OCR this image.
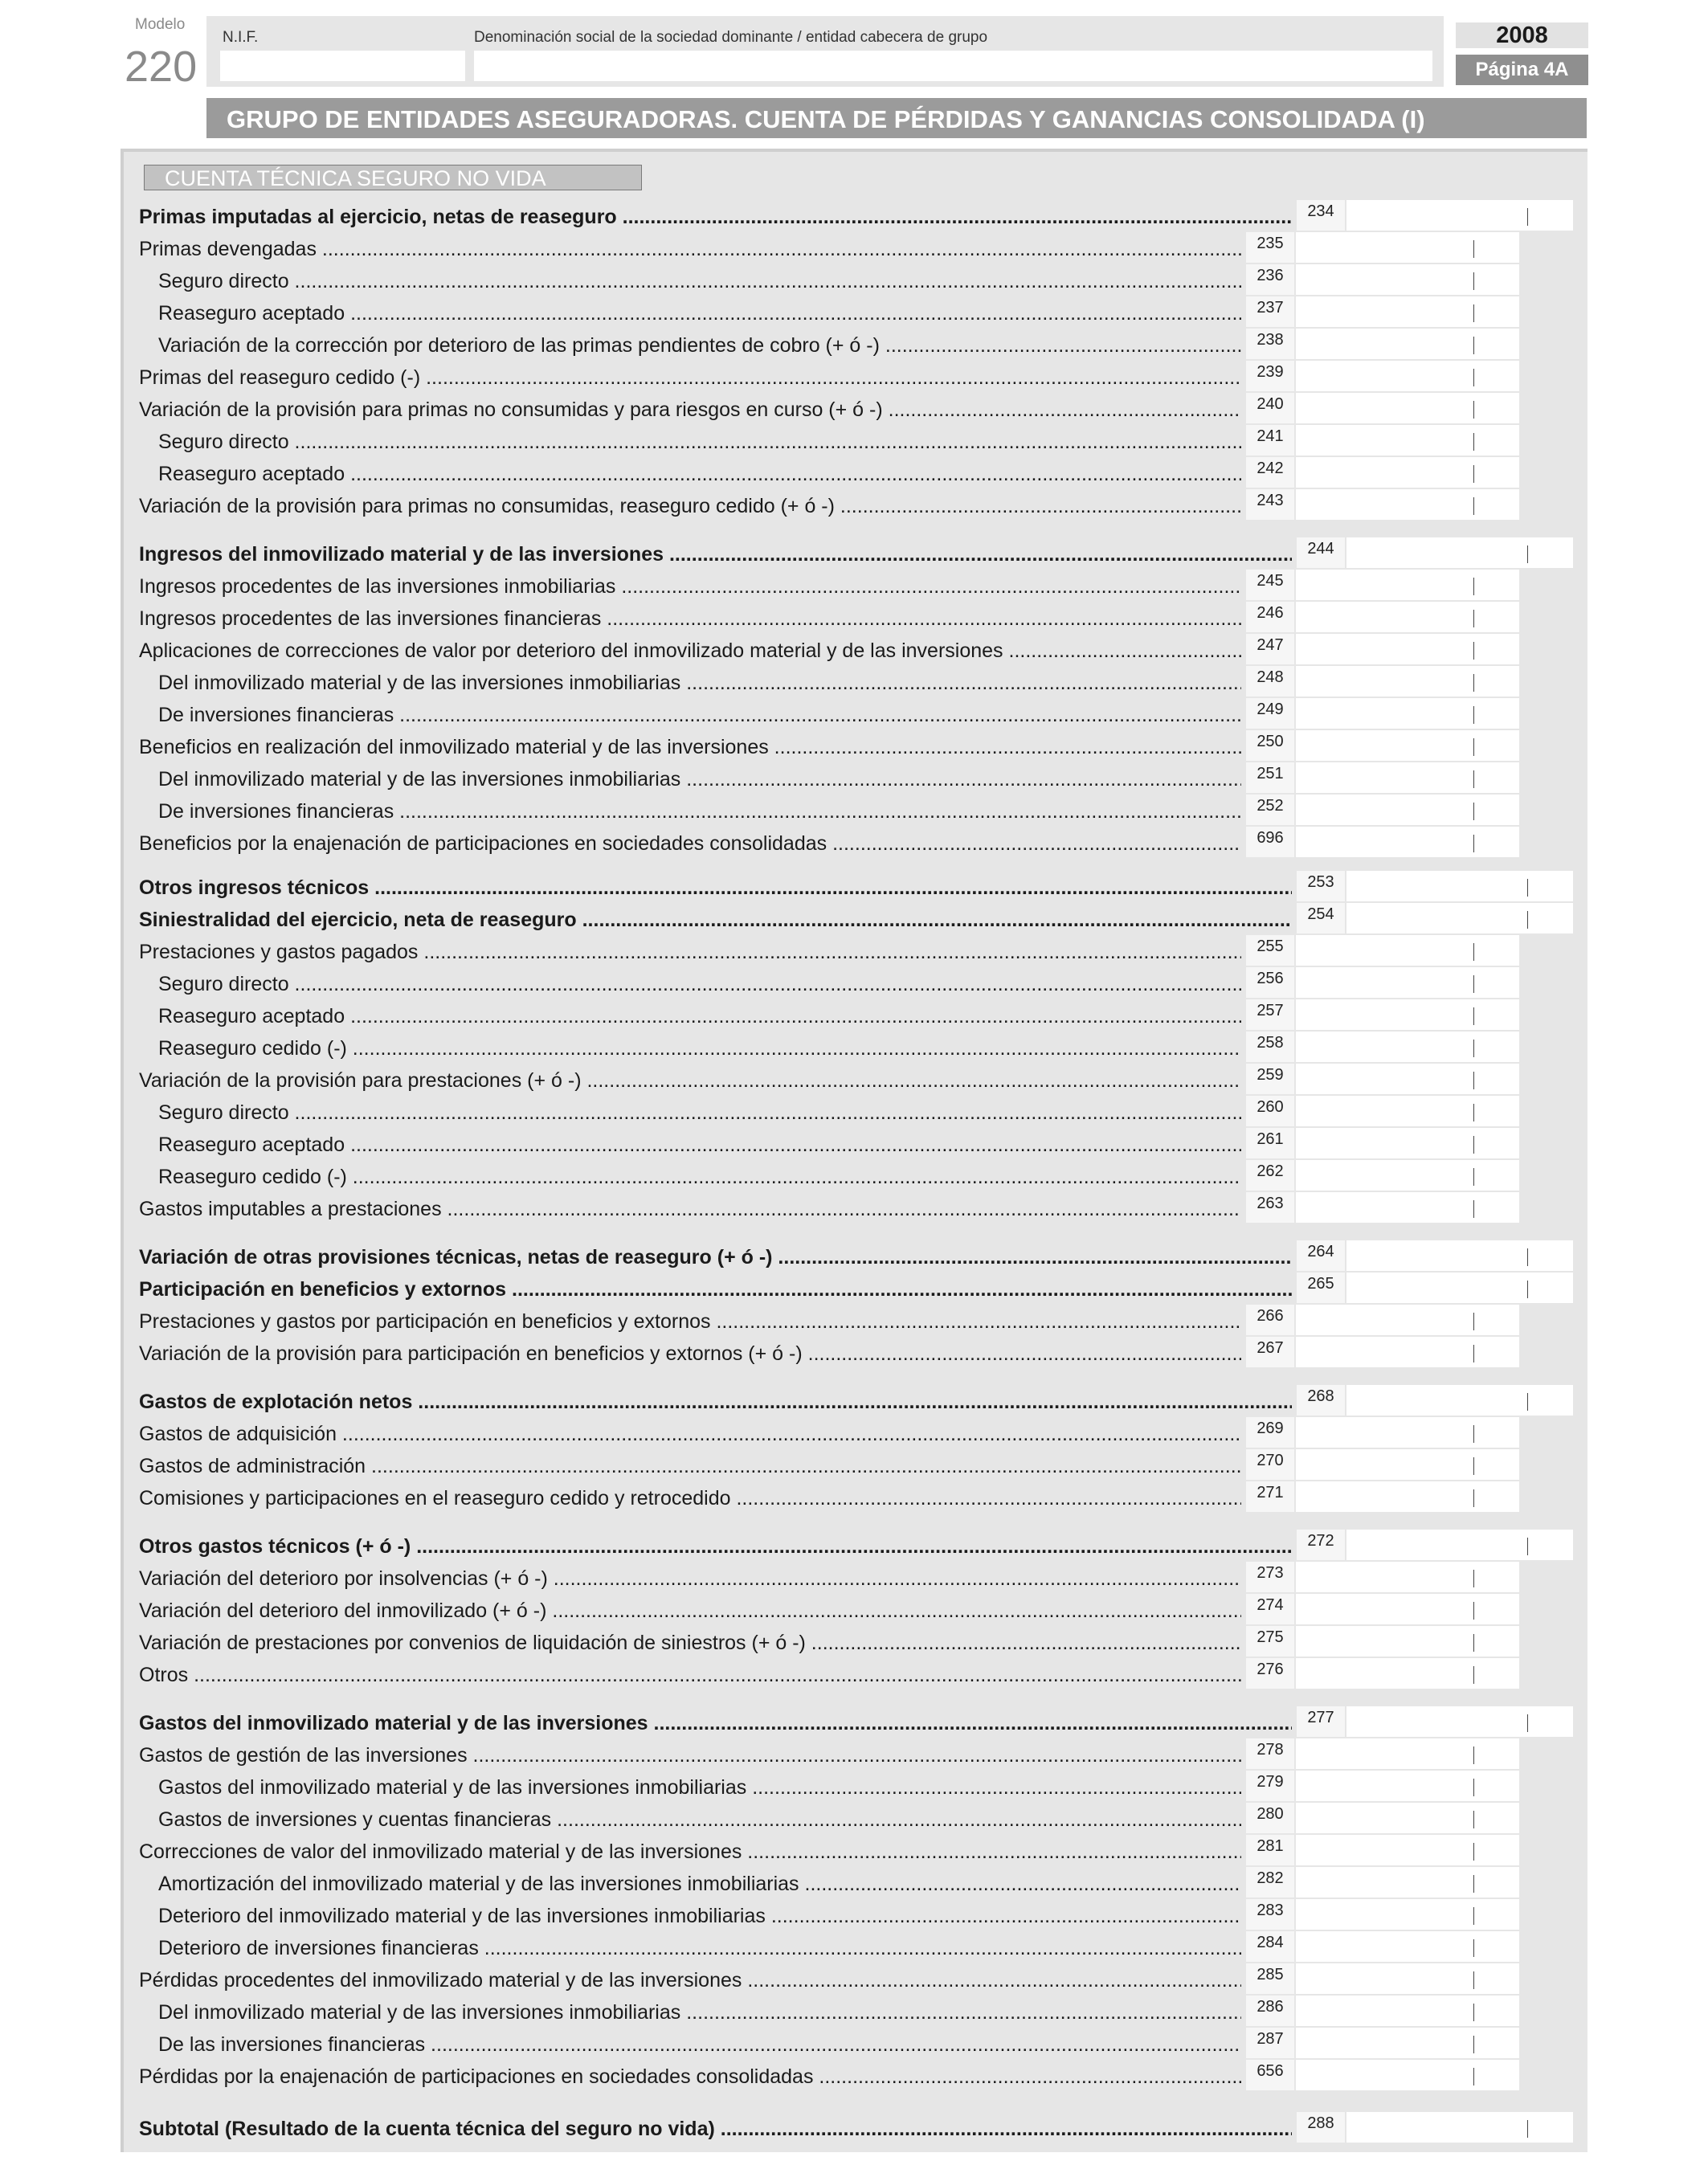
Modelo
220
N.I.F.	Denominación social de la sociedad dominante / entidad cabecera de grupo	2008
Página 4A
GRUPO DE ENTIDADES ASEGURADORAS. CUENTA DE PÉRDIDAS Y GANANCIAS CONSOLIDADA (I)
CUENTA TÉCNICA SEGURO NO VIDA
Primas imputadas al ejercicio, netas de reaseguro .....	234
Primas devengadas .....	235
Seguro directo .....	236
Reaseguro aceptado .....	237
Variación de la corrección por deterioro de las primas pendientes de cobro (+ ó -) .....	238
Primas del reaseguro cedido (-) .....	239
Variación de la provisión para primas no consumidas y para riesgos en curso (+ ó -) .....	240
Seguro directo .....	241
Reaseguro aceptado .....	242
Variación de la provisión para primas no consumidas, reaseguro cedido (+ ó -) .....	243
Ingresos del inmovilizado material y de las inversiones .....	244
Ingresos procedentes de las inversiones inmobiliarias .....	245
Ingresos procedentes de las inversiones financieras .....	246
Aplicaciones de correcciones de valor por deterioro del inmovilizado material y de las inversiones .....	247
Del inmovilizado material y de las inversiones inmobiliarias .....	248
De inversiones financieras .....	249
Beneficios en realización del inmovilizado material y de las inversiones .....	250
Del inmovilizado material y de las inversiones inmobiliarias .....	251
De inversiones financieras .....	252
Beneficios por la enajenación de participaciones en sociedades consolidadas .....	696
Otros ingresos técnicos .....	253
Siniestralidad del ejercicio, neta de reaseguro .....	254
Prestaciones y gastos pagados .....	255
Seguro directo .....	256
Reaseguro aceptado .....	257
Reaseguro cedido (-) .....	258
Variación de la provisión para prestaciones (+ ó -) .....	259
Seguro directo .....	260
Reaseguro aceptado .....	261
Reaseguro cedido (-) .....	262
Gastos imputables a prestaciones .....	263
Variación de otras provisiones técnicas, netas de reaseguro (+ ó -) .....	264
Participación en beneficios y extornos .....	265
Prestaciones y gastos por participación en beneficios y extornos .....	266
Variación de la provisión para participación en beneficios y extornos (+ ó -) .....	267
Gastos de explotación netos .....	268
Gastos de adquisición .....	269
Gastos de administración .....	270
Comisiones y participaciones en el reaseguro cedido y retrocedido .....	271
Otros gastos técnicos (+ ó -) .....	272
Variación del deterioro por insolvencias (+ ó -) .....	273
Variación del deterioro del inmovilizado (+ ó -) .....	274
Variación de prestaciones por convenios de liquidación de siniestros (+ ó -) .....	275
Otros .....	276
Gastos del inmovilizado material y de las inversiones .....	277
Gastos de gestión de las inversiones .....	278
Gastos del inmovilizado material y de las inversiones inmobiliarias .....	279
Gastos de inversiones y cuentas financieras .....	280
Correcciones de valor del inmovilizado material y de las inversiones .....	281
Amortización del inmovilizado material y de las inversiones inmobiliarias .....	282
Deterioro del inmovilizado material y de las inversiones inmobiliarias .....	283
Deterioro de inversiones financieras .....	284
Pérdidas procedentes del inmovilizado material y de las inversiones .....	285
Del inmovilizado material y de las inversiones inmobiliarias .....	286
De las inversiones financieras .....	287
Pérdidas por la enajenación de participaciones en sociedades consolidadas .....	656
Subtotal (Resultado de la cuenta técnica del seguro no vida) .....	288
